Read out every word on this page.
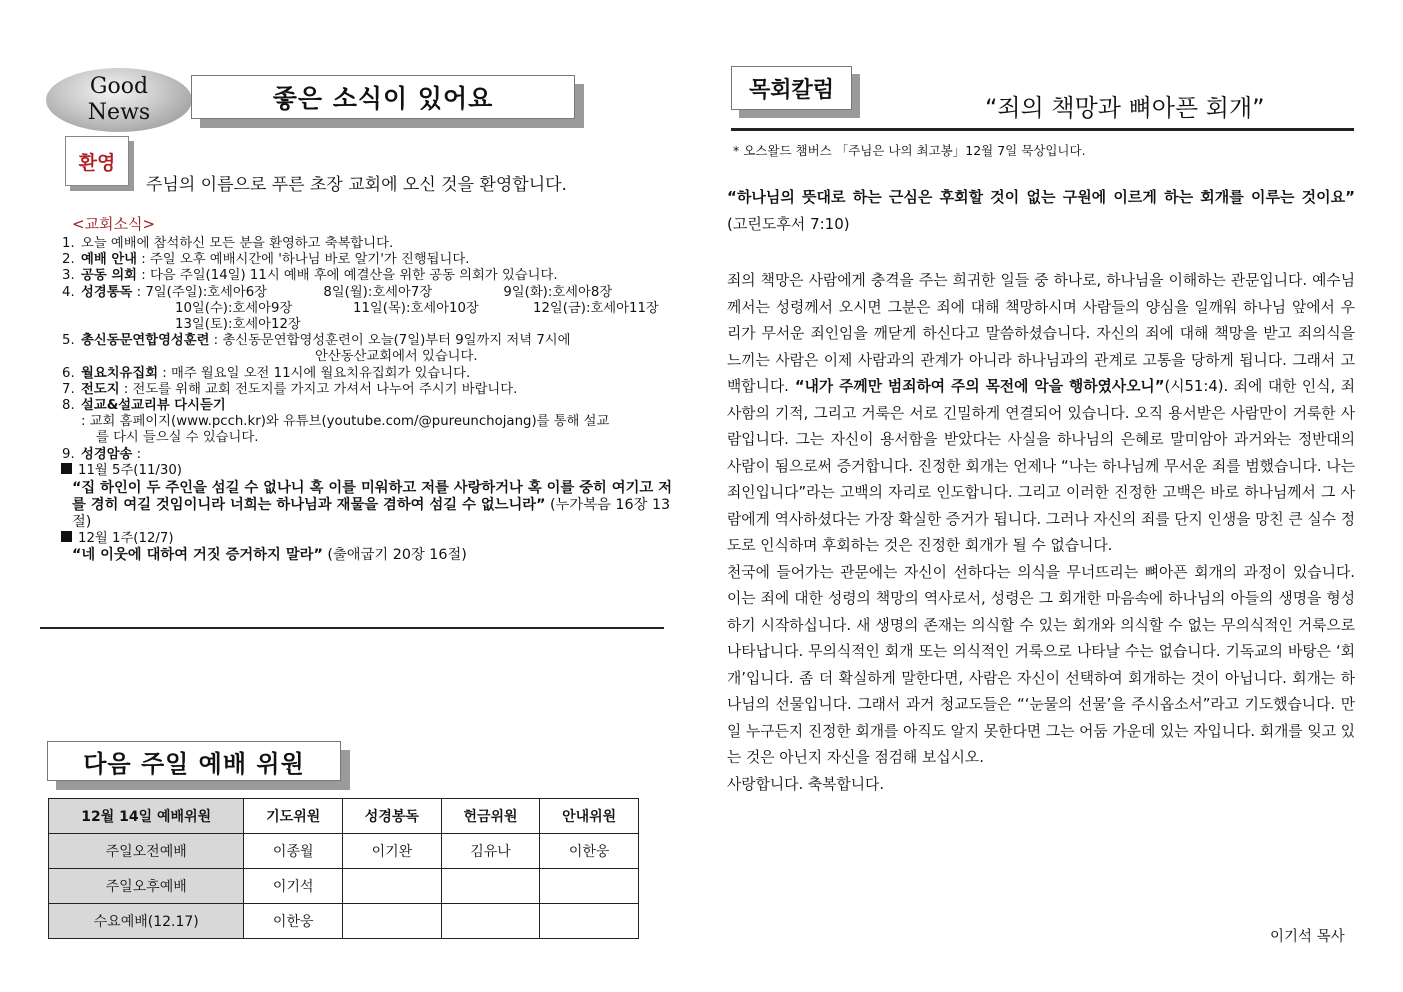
Good
News	좋은 소식이 있어요
환영
주님의 이름으로 푸른 초장 교회에 오신 것을 환영합니다.
<교회소식>
1. 오늘 예배에 참석하신 모든 분을 환영하고 축복합니다.
2. 예배 안내 : 주일 오후 예배시간에 '하나님 바로 알기'가 진행됩니다.
3. 공동 의회 : 다음 주일(14일) 11시 예배 후에 예결산을 위한 공동 의회가 있습니다.
4. 성경통독 : 7일(주일):호세아6장	8일(월):호세아7장	9일(화):호세아8장
10일(수):호세아9장	11일(목):호세아10장	12일(금):호세아11장
13일(토):호세아12장
5. 총신동문연합영성훈련 : 총신동문연합영성훈련이 오늘(7일)부터 9일까지 저녁 7시에
안산동산교회에서 있습니다.
6. 월요치유집회 : 매주 월요일 오전 11시에 월요치유집회가 있습니다.
7. 전도지 : 전도를 위해 교회 전도지를 가지고 가셔서 나누어 주시기 바랍니다.
8. 설교&설교리뷰 다시듣기
: 교회 홈페이지(www.pcch.kr)와 유튜브(youtube.com/@pureunchojang)를 통해 설교
를 다시 들으실 수 있습니다.
9. 성경암송 :
11월 5주(11/30)
“집 하인이 두 주인을 섬길 수 없나니 혹 이를 미워하고 저를 사랑하거나 혹 이를 중히 여기고 저를 경히 여길 것임이니라 너희는 하나님과 재물을 겸하여 섬길 수 없느니라” (누가복음 16장 13절)
12월 1주(12/7)
“네 이웃에 대하여 거짓 증거하지 말라” (출애굽기 20장 16절)
다음 주일 예배 위원
12월 14일 예배위원	기도위원	성경봉독	헌금위원	안내위원
주일오전예배	이종월	이기완	김유나	이한웅
주일오후예배	이기석			
수요예배(12.17)	이한웅			
목회칼럼
“죄의 책망과 뼈아픈 회개”
* 오스왈드 챔버스 「주님은 나의 최고봉」12월 7일 묵상입니다.
“하나님의 뜻대로 하는 근심은 후회할 것이 없는 구원에 이르게 하는 회개를 이루는 것이요” (고린도후서 7:10)

죄의 책망은 사람에게 충격을 주는 희귀한 일들 중 하나로, 하나님을 이해하는 관문입니다. 예수님께서는 성령께서 오시면 그분은 죄에 대해 책망하시며 사람들의 양심을 일깨워 하나님 앞에서 우리가 무서운 죄인임을 깨닫게 하신다고 말씀하셨습니다. 자신의 죄에 대해 책망을 받고 죄의식을 느끼는 사람은 이제 사람과의 관계가 아니라 하나님과의 관계로 고통을 당하게 됩니다. 그래서 고백합니다. “내가 주께만 범죄하여 주의 목전에 악을 행하였사오니”(시51:4). 죄에 대한 인식, 죄사함의 기적, 그리고 거룩은 서로 긴밀하게 연결되어 있습니다. 오직 용서받은 사람만이 거룩한 사람입니다. 그는 자신이 용서함을 받았다는 사실을 하나님의 은혜로 말미암아 과거와는 정반대의 사람이 됨으로써 증거합니다. 진정한 회개는 언제나 “나는 하나님께 무서운 죄를 범했습니다. 나는 죄인입니다”라는 고백의 자리로 인도합니다. 그리고 이러한 진정한 고백은 바로 하나님께서 그 사람에게 역사하셨다는 가장 확실한 증거가 됩니다. 그러나 자신의 죄를 단지 인생을 망친 큰 실수 정도로 인식하며 후회하는 것은 진정한 회개가 될 수 없습니다.

천국에 들어가는 관문에는 자신이 선하다는 의식을 무너뜨리는 뼈아픈 회개의 과정이 있습니다. 이는 죄에 대한 성령의 책망의 역사로서, 성령은 그 회개한 마음속에 하나님의 아들의 생명을 형성하기 시작하십니다. 새 생명의 존재는 의식할 수 있는 회개와 의식할 수 없는 무의식적인 거룩으로 나타납니다. 무의식적인 회개 또는 의식적인 거룩으로 나타날 수는 없습니다. 기독교의 바탕은 ‘회개’입니다. 좀 더 확실하게 말한다면, 사람은 자신이 선택하여 회개하는 것이 아닙니다. 회개는 하나님의 선물입니다. 그래서 과거 청교도들은 “‘눈물의 선물’을 주시옵소서”라고 기도했습니다. 만일 누구든지 진정한 회개를 아직도 알지 못한다면 그는 어둠 가운데 있는 자입니다. 회개를 잊고 있는 것은 아닌지 자신을 점검해 보십시오.

사랑합니다. 축복합니다.

이기석 목사
